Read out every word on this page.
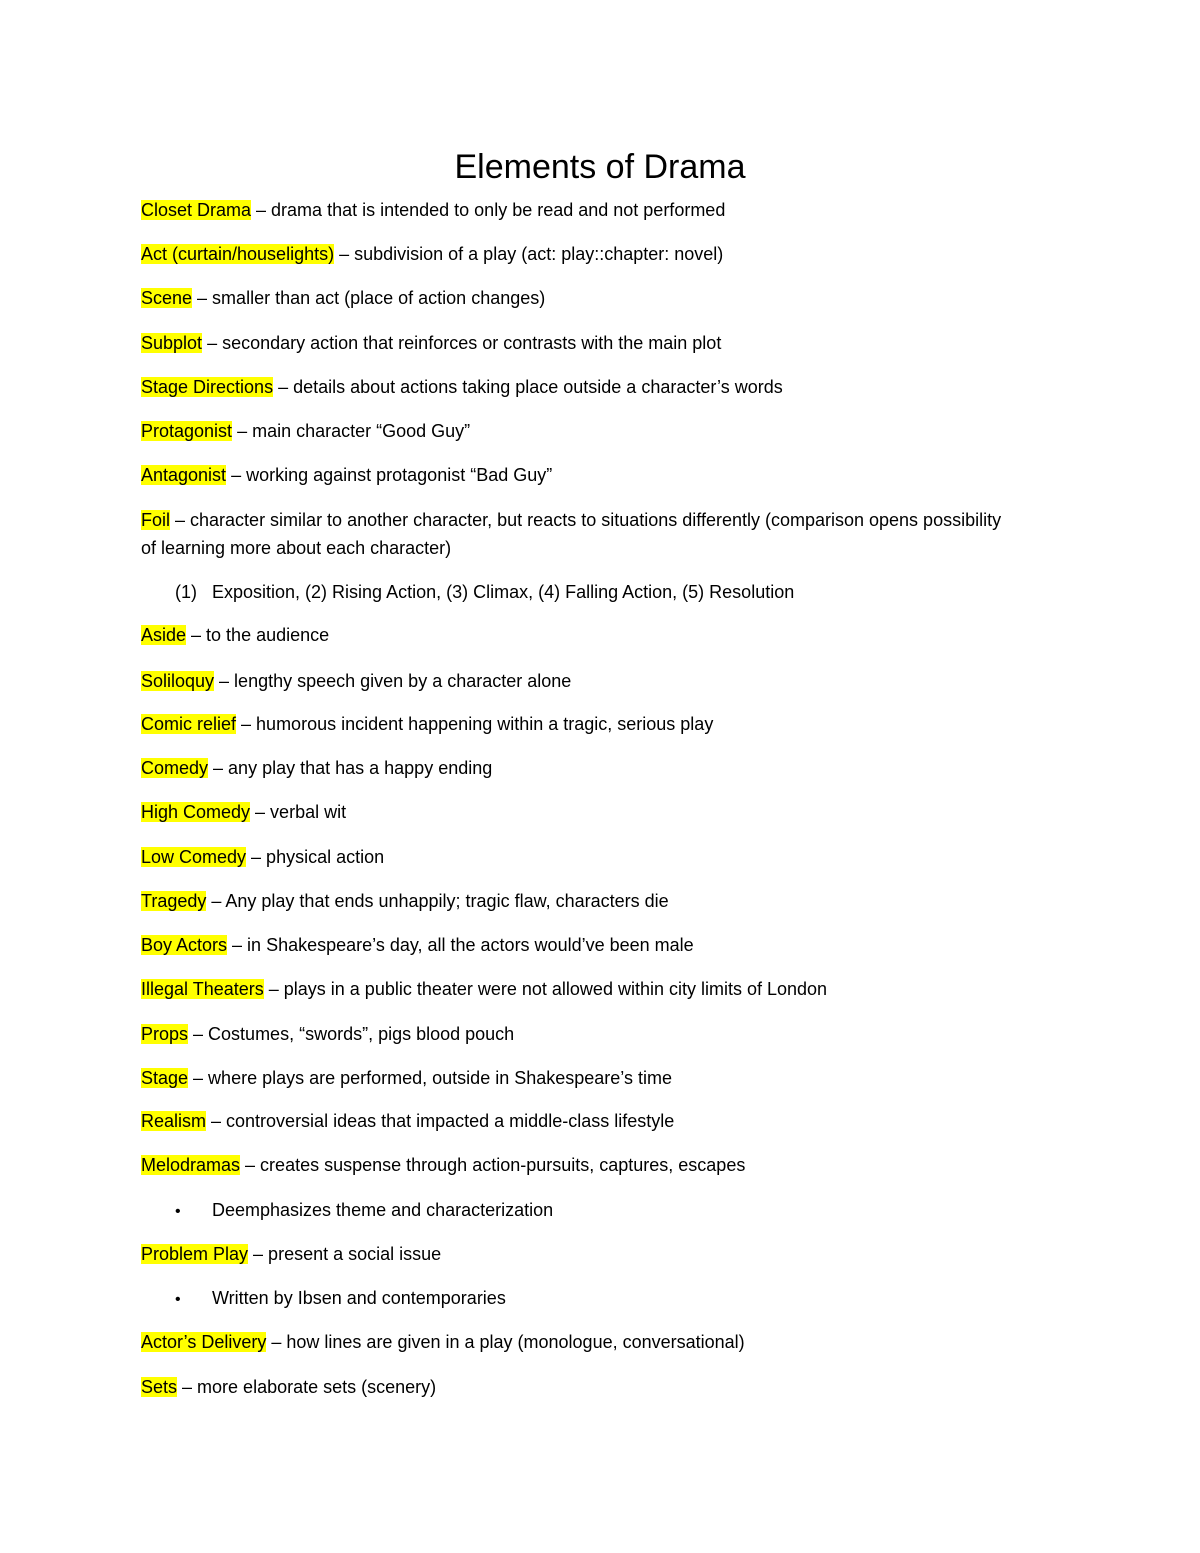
Elements of Drama
Closet Drama – drama that is intended to only be read and not performed
Act (curtain/houselights) – subdivision of a play (act: play::chapter: novel)
Scene – smaller than act (place of action changes)
Subplot – secondary action that reinforces or contrasts with the main plot
Stage Directions – details about actions taking place outside a character’s words
Protagonist – main character “Good Guy”
Antagonist – working against protagonist “Bad Guy”
Foil – character similar to another character, but reacts to situations differently (comparison opens possibility of learning more about each character)
(1) Exposition, (2) Rising Action, (3) Climax, (4) Falling Action, (5) Resolution
Aside – to the audience
Soliloquy – lengthy speech given by a character alone
Comic relief – humorous incident happening within a tragic, serious play
Comedy – any play that has a happy ending
High Comedy – verbal wit
Low Comedy – physical action
Tragedy – Any play that ends unhappily; tragic flaw, characters die
Boy Actors – in Shakespeare’s day, all the actors would’ve been male
Illegal Theaters – plays in a public theater were not allowed within city limits of London
Props – Costumes, “swords”, pigs blood pouch
Stage – where plays are performed, outside in Shakespeare’s time
Realism – controversial ideas that impacted a middle-class lifestyle
Melodramas – creates suspense through action-pursuits, captures, escapes
• Deemphasizes theme and characterization
Problem Play – present a social issue
• Written by Ibsen and contemporaries
Actor’s Delivery – how lines are given in a play (monologue, conversational)
Sets – more elaborate sets (scenery)
